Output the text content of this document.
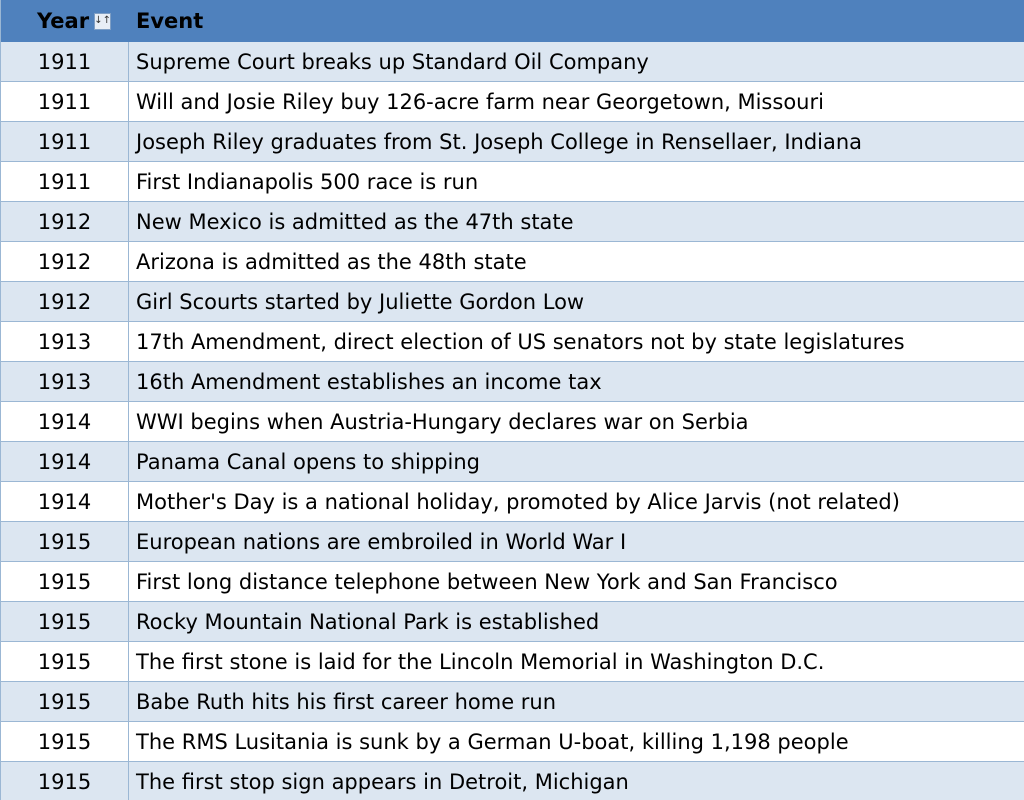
Year ↓↑	Event
1911	Supreme Court breaks up Standard Oil Company
1911	Will and Josie Riley buy 126-acre farm near Georgetown, Missouri
1911	Joseph Riley graduates from St. Joseph College in Rensellaer, Indiana
1911	First Indianapolis 500 race is run
1912	New Mexico is admitted as the 47th state
1912	Arizona is admitted as the 48th state
1912	Girl Scourts started by Juliette Gordon Low
1913	17th Amendment, direct election of US senators not by state legislatures
1913	16th Amendment establishes an income tax
1914	WWI begins when Austria-Hungary declares war on Serbia
1914	Panama Canal opens to shipping
1914	Mother's Day is a national holiday, promoted by Alice Jarvis (not related)
1915	European nations are embroiled in World War I
1915	First long distance telephone between New York and San Francisco
1915	Rocky Mountain National Park is established
1915	The first stone is laid for the Lincoln Memorial in Washington D.C.
1915	Babe Ruth hits his first career home run
1915	The RMS Lusitania is sunk by a German U-boat, killing 1,198 people
1915	The first stop sign appears in Detroit, Michigan
